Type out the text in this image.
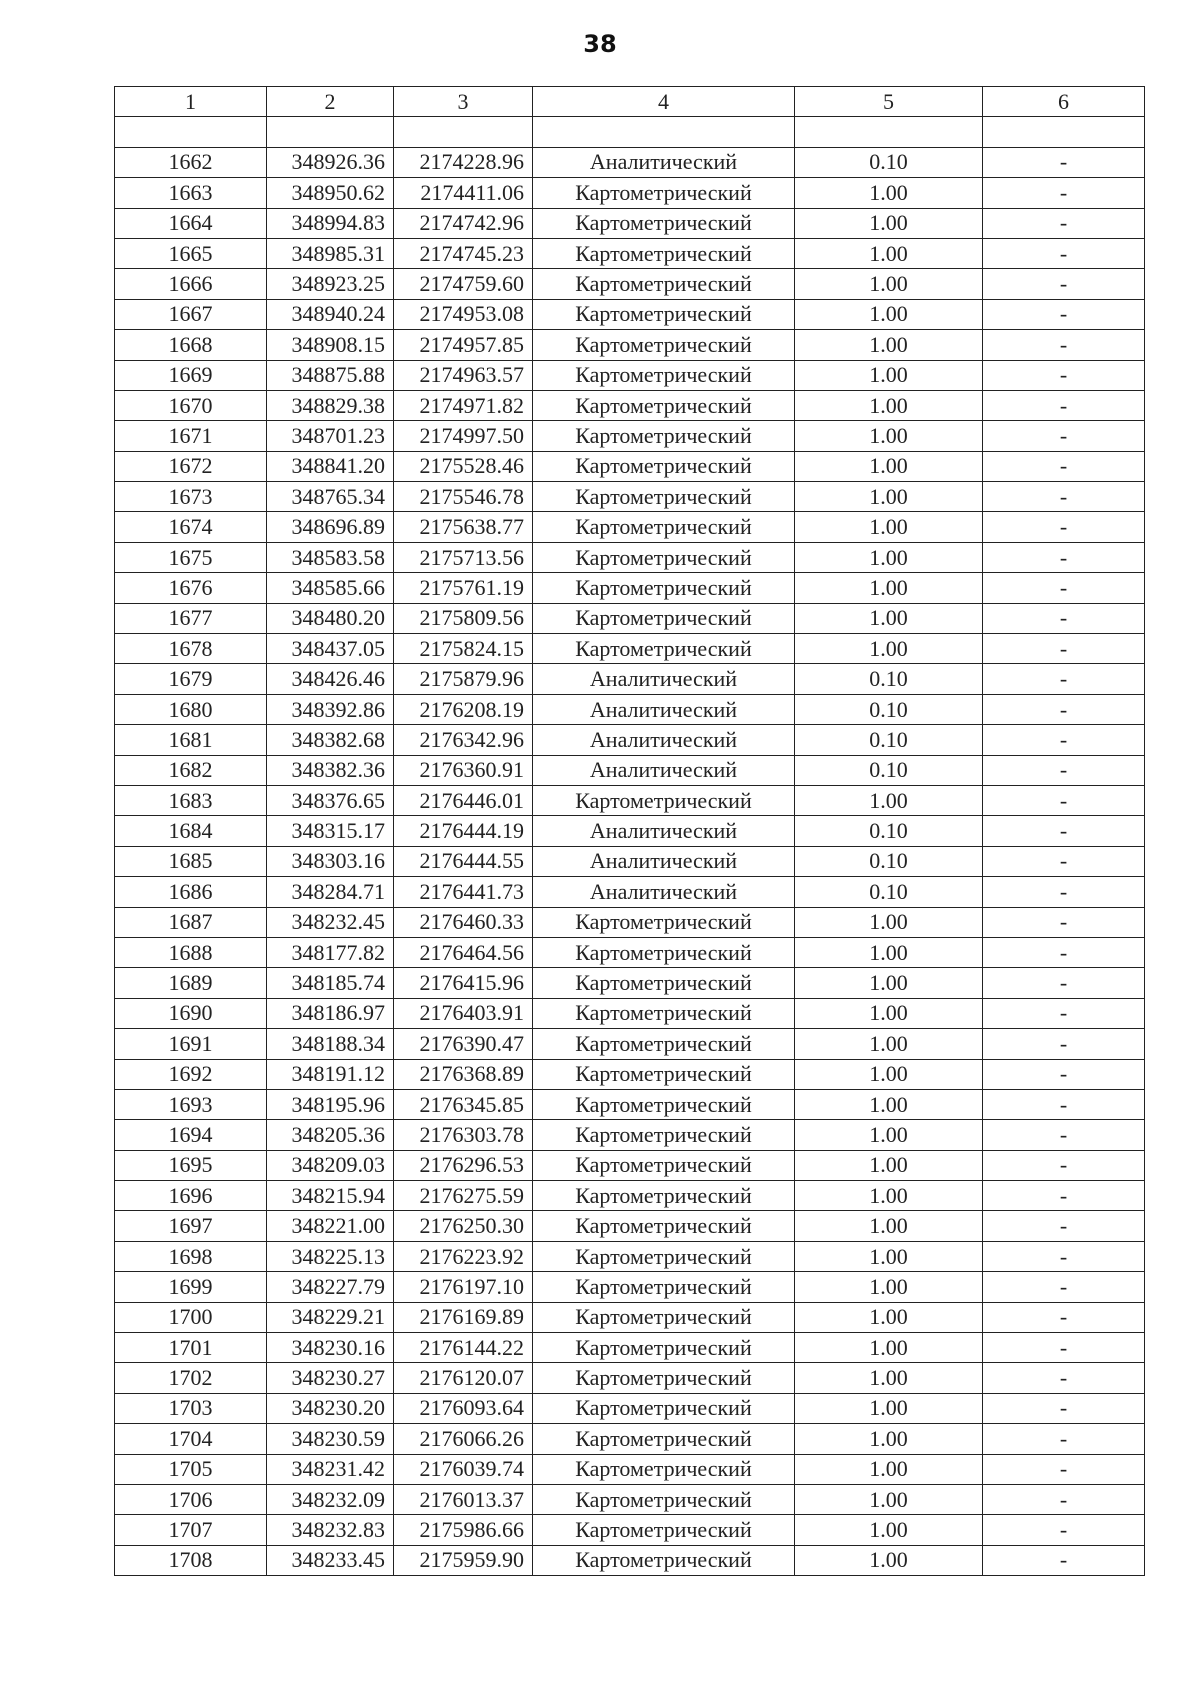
38
1	2	3	4	5	6

1662	348926.36	2174228.96	Аналитический	0.10	-
1663	348950.62	2174411.06	Картометрический	1.00	-
1664	348994.83	2174742.96	Картометрический	1.00	-
1665	348985.31	2174745.23	Картометрический	1.00	-
1666	348923.25	2174759.60	Картометрический	1.00	-
1667	348940.24	2174953.08	Картометрический	1.00	-
1668	348908.15	2174957.85	Картометрический	1.00	-
1669	348875.88	2174963.57	Картометрический	1.00	-
1670	348829.38	2174971.82	Картометрический	1.00	-
1671	348701.23	2174997.50	Картометрический	1.00	-
1672	348841.20	2175528.46	Картометрический	1.00	-
1673	348765.34	2175546.78	Картометрический	1.00	-
1674	348696.89	2175638.77	Картометрический	1.00	-
1675	348583.58	2175713.56	Картометрический	1.00	-
1676	348585.66	2175761.19	Картометрический	1.00	-
1677	348480.20	2175809.56	Картометрический	1.00	-
1678	348437.05	2175824.15	Картометрический	1.00	-
1679	348426.46	2175879.96	Аналитический	0.10	-
1680	348392.86	2176208.19	Аналитический	0.10	-
1681	348382.68	2176342.96	Аналитический	0.10	-
1682	348382.36	2176360.91	Аналитический	0.10	-
1683	348376.65	2176446.01	Картометрический	1.00	-
1684	348315.17	2176444.19	Аналитический	0.10	-
1685	348303.16	2176444.55	Аналитический	0.10	-
1686	348284.71	2176441.73	Аналитический	0.10	-
1687	348232.45	2176460.33	Картометрический	1.00	-
1688	348177.82	2176464.56	Картометрический	1.00	-
1689	348185.74	2176415.96	Картометрический	1.00	-
1690	348186.97	2176403.91	Картометрический	1.00	-
1691	348188.34	2176390.47	Картометрический	1.00	-
1692	348191.12	2176368.89	Картометрический	1.00	-
1693	348195.96	2176345.85	Картометрический	1.00	-
1694	348205.36	2176303.78	Картометрический	1.00	-
1695	348209.03	2176296.53	Картометрический	1.00	-
1696	348215.94	2176275.59	Картометрический	1.00	-
1697	348221.00	2176250.30	Картометрический	1.00	-
1698	348225.13	2176223.92	Картометрический	1.00	-
1699	348227.79	2176197.10	Картометрический	1.00	-
1700	348229.21	2176169.89	Картометрический	1.00	-
1701	348230.16	2176144.22	Картометрический	1.00	-
1702	348230.27	2176120.07	Картометрический	1.00	-
1703	348230.20	2176093.64	Картометрический	1.00	-
1704	348230.59	2176066.26	Картометрический	1.00	-
1705	348231.42	2176039.74	Картометрический	1.00	-
1706	348232.09	2176013.37	Картометрический	1.00	-
1707	348232.83	2175986.66	Картометрический	1.00	-
1708	348233.45	2175959.90	Картометрический	1.00	-
